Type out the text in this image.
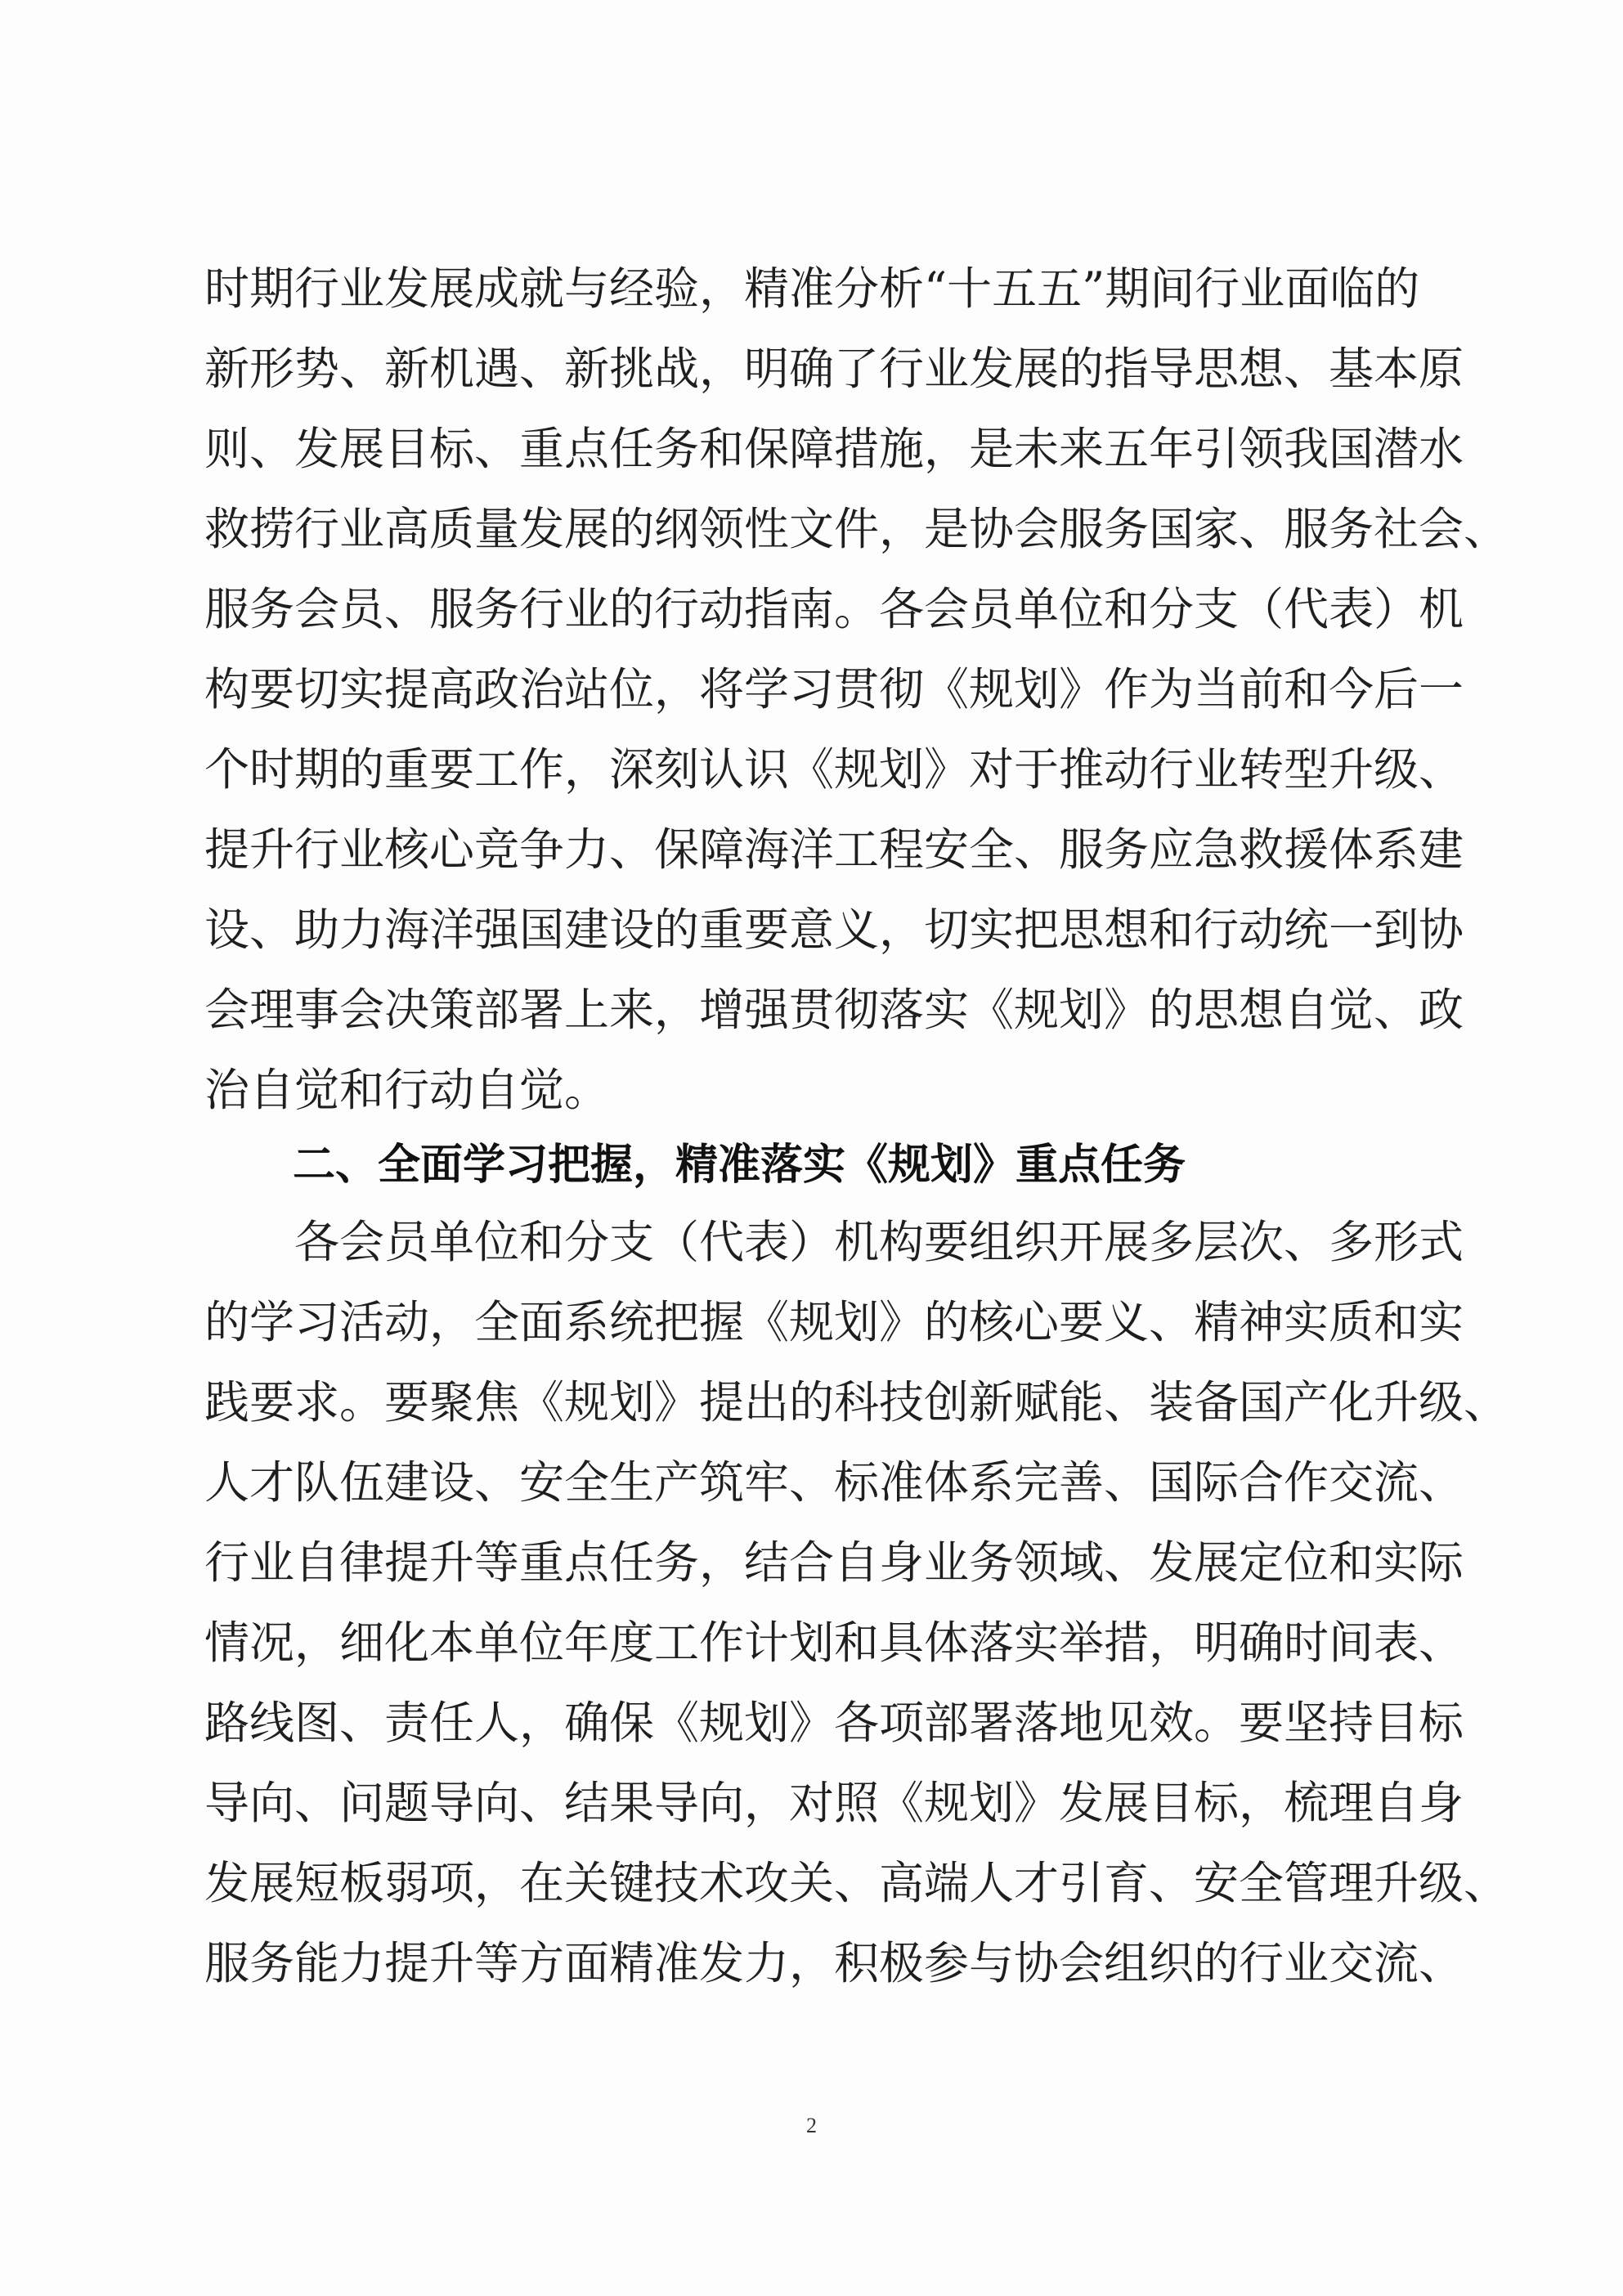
时期行业发展成就与经验，精准分析“十五五”期间行业面临的
新形势、新机遇、新挑战，明确了行业发展的指导思想、基本原
则、发展目标、重点任务和保障措施，是未来五年引领我国潜水
救捞行业高质量发展的纲领性文件，是协会服务国家、服务社会、
服务会员、服务行业的行动指南。各会员单位和分支（代表）机
构要切实提高政治站位，将学习贯彻《规划》作为当前和今后一
个时期的重要工作，深刻认识《规划》对于推动行业转型升级、
提升行业核心竞争力、保障海洋工程安全、服务应急救援体系建
设、助力海洋强国建设的重要意义，切实把思想和行动统一到协
会理事会决策部署上来，增强贯彻落实《规划》的思想自觉、政
治自觉和行动自觉。
二、全面学习把握，精准落实《规划》重点任务
各会员单位和分支（代表）机构要组织开展多层次、多形式
的学习活动，全面系统把握《规划》的核心要义、精神实质和实
践要求。要聚焦《规划》提出的科技创新赋能、装备国产化升级、
人才队伍建设、安全生产筑牢、标准体系完善、国际合作交流、
行业自律提升等重点任务，结合自身业务领域、发展定位和实际
情况，细化本单位年度工作计划和具体落实举措，明确时间表、
路线图、责任人，确保《规划》各项部署落地见效。要坚持目标
导向、问题导向、结果导向，对照《规划》发展目标，梳理自身
发展短板弱项，在关键技术攻关、高端人才引育、安全管理升级、
服务能力提升等方面精准发力，积极参与协会组织的行业交流、
2
